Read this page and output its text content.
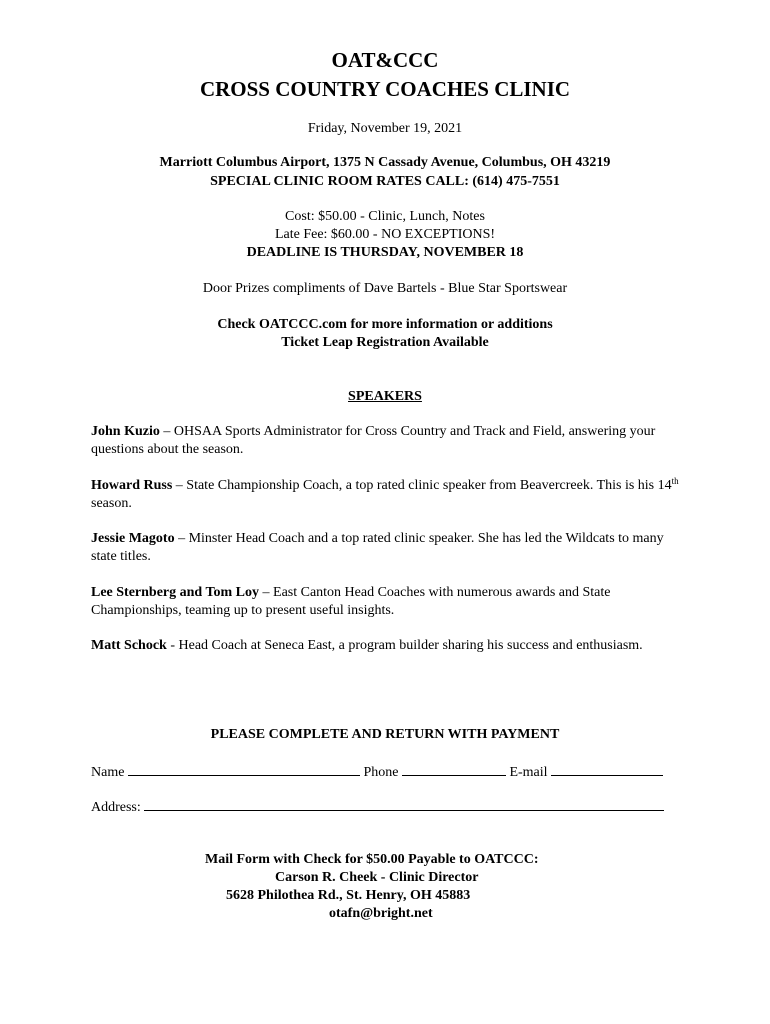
OAT&CCC
CROSS COUNTRY COACHES CLINIC
Friday, November 19, 2021
Marriott Columbus Airport, 1375 N Cassady Avenue, Columbus, OH 43219
SPECIAL CLINIC ROOM RATES CALL: (614) 475-7551
Cost: $50.00 - Clinic, Lunch, Notes
Late Fee: $60.00 - NO EXCEPTIONS!
DEADLINE IS THURSDAY, NOVEMBER 18
Door Prizes compliments of Dave Bartels - Blue Star Sportswear
Check OATCCC.com for more information or additions
Ticket Leap Registration Available
SPEAKERS
John Kuzio – OHSAA Sports Administrator for Cross Country and Track and Field, answering your questions about the season.
Howard Russ – State Championship Coach, a top rated clinic speaker from Beavercreek. This is his 14th season.
Jessie Magoto – Minster Head Coach and a top rated clinic speaker. She has led the Wildcats to many state titles.
Lee Sternberg and Tom Loy – East Canton Head Coaches with numerous awards and State Championships, teaming up to present useful insights.
Matt Schock - Head Coach at Seneca East, a program builder sharing his success and enthusiasm.
PLEASE COMPLETE AND RETURN WITH PAYMENT
Name	Phone	E-mail
Address:
Mail Form with Check for $50.00 Payable to OATCCC:
Carson R. Cheek - Clinic Director
5628 Philothea Rd., St. Henry, OH 45883
otafn@bright.net
